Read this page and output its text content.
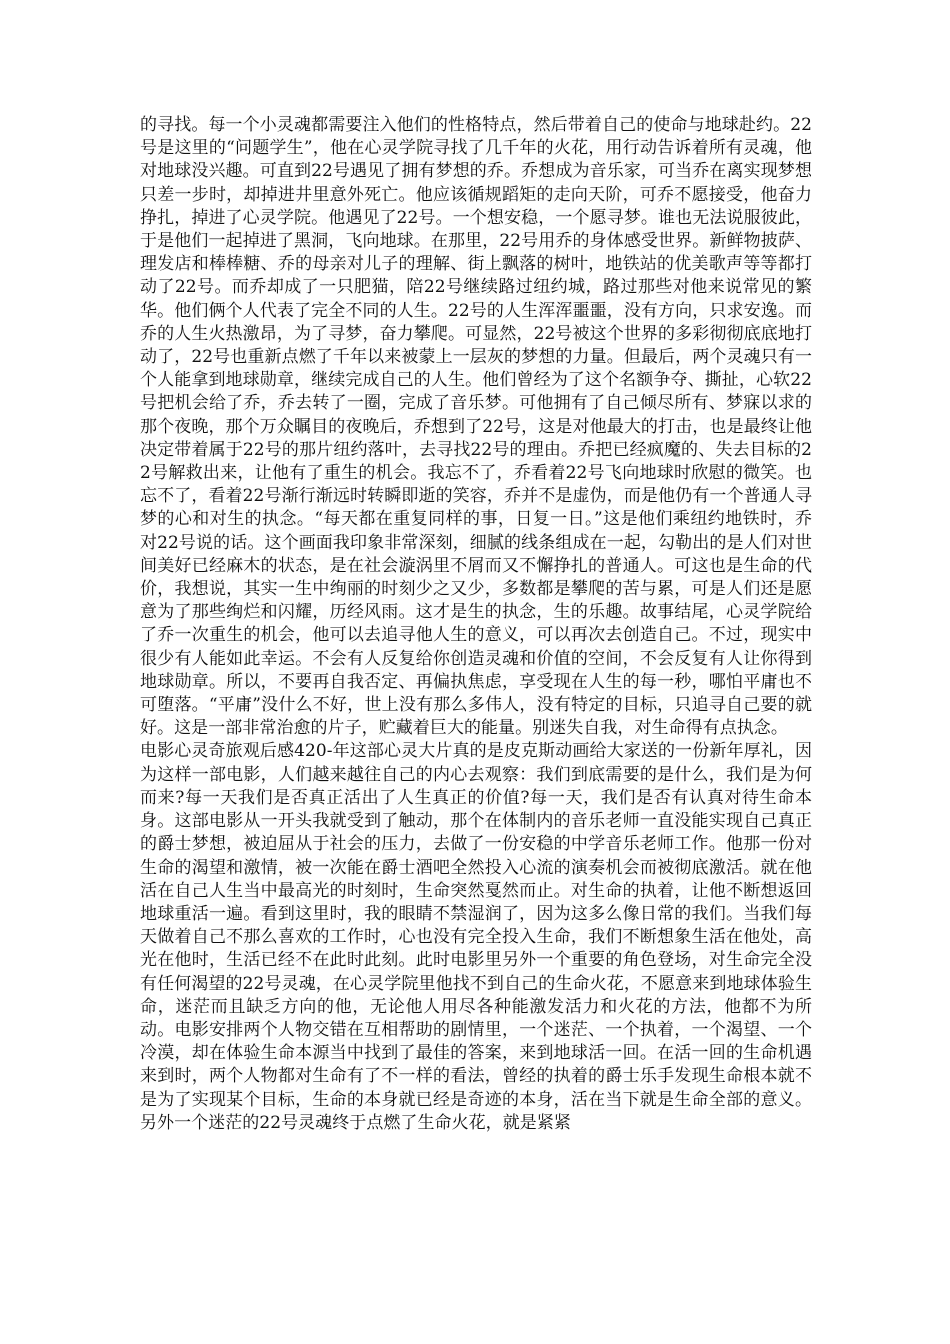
的寻找。每一个小灵魂都需要注入他们的性格特点，然后带着自己的使命与地球赴约。22号是这里的“问题学生”，他在心灵学院寻找了几千年的火花，用行动告诉着所有灵魂，他对地球没兴趣。可直到22号遇见了拥有梦想的乔。乔想成为音乐家，可当乔在离实现梦想只差一步时，却掉进井里意外死亡。他应该循规蹈矩的走向天阶，可乔不愿接受，他奋力挣扎，掉进了心灵学院。他遇见了22号。一个想安稳，一个愿寻梦。谁也无法说服彼此，于是他们一起掉进了黑洞，飞向地球。在那里，22号用乔的身体感受世界。新鲜物披萨、理发店和棒棒糖、乔的母亲对儿子的理解、街上飘落的树叶，地铁站的优美歌声等等都打动了22号。而乔却成了一只肥猫，陪22号继续路过纽约城，路过那些对他来说常见的繁华。他们俩个人代表了完全不同的人生。22号的人生浑浑噩噩，没有方向，只求安逸。而乔的人生火热激昂，为了寻梦，奋力攀爬。可显然，22号被这个世界的多彩彻彻底底地打动了，22号也重新点燃了千年以来被蒙上一层灰的梦想的力量。但最后，两个灵魂只有一个人能拿到地球勋章，继续完成自己的人生。他们曾经为了这个名额争夺、撕扯，心软22号把机会给了乔，乔去转了一圈，完成了音乐梦。可他拥有了自己倾尽所有、梦寐以求的那个夜晚，那个万众瞩目的夜晚后，乔想到了22号，这是对他最大的打击，也是最终让他决定带着属于22号的那片纽约落叶，去寻找22号的理由。乔把已经疯魔的、失去目标的22号解救出来，让他有了重生的机会。我忘不了，乔看着22号飞向地球时欣慰的微笑。也忘不了，看着22号渐行渐远时转瞬即逝的笑容，乔并不是虚伪，而是他仍有一个普通人寻梦的心和对生的执念。“每天都在重复同样的事，日复一日。”这是他们乘纽约地铁时，乔对22号说的话。这个画面我印象非常深刻，细腻的线条组成在一起，勾勒出的是人们对世间美好已经麻木的状态，是在社会漩涡里不屑而又不懈挣扎的普通人。可这也是生命的代价，我想说，其实一生中绚丽的时刻少之又少，多数都是攀爬的苦与累，可是人们还是愿意为了那些绚烂和闪耀，历经风雨。这才是生的执念，生的乐趣。故事结尾，心灵学院给了乔一次重生的机会，他可以去追寻他人生的意义，可以再次去创造自己。不过，现实中很少有人能如此幸运。不会有人反复给你创造灵魂和价值的空间，不会反复有人让你得到地球勋章。所以，不要再自我否定、再偏执焦虑，享受现在人生的每一秒，哪怕平庸也不可堕落。“平庸”没什么不好，世上没有那么多伟人，没有特定的目标，只追寻自己要的就好。这是一部非常治愈的片子，贮藏着巨大的能量。别迷失自我，对生命得有点执念。

电影心灵奇旅观后感420-年这部心灵大片真的是皮克斯动画给大家送的一份新年厚礼，因为这样一部电影，人们越来越往自己的内心去观察：我们到底需要的是什么，我们是为何而来?每一天我们是否真正活出了人生真正的价值?每一天，我们是否有认真对待生命本身。这部电影从一开头我就受到了触动，那个在体制内的音乐老师一直没能实现自己真正的爵士梦想，被迫屈从于社会的压力，去做了一份安稳的中学音乐老师工作。他那一份对生命的渴望和激情，被一次能在爵士酒吧全然投入心流的演奏机会而被彻底激活。就在他活在自己人生当中最高光的时刻时，生命突然戛然而止。对生命的执着，让他不断想返回地球重活一遍。看到这里时，我的眼睛不禁湿润了，因为这多么像日常的我们。当我们每天做着自己不那么喜欢的工作时，心也没有完全投入生命，我们不断想象生活在他处，高光在他时，生活已经不在此时此刻。此时电影里另外一个重要的角色登场，对生命完全没有任何渴望的22号灵魂，在心灵学院里他找不到自己的生命火花，不愿意来到地球体验生命，迷茫而且缺乏方向的他，无论他人用尽各种能激发活力和火花的方法，他都不为所动。电影安排两个人物交错在互相帮助的剧情里，一个迷茫、一个执着，一个渴望、一个冷漠，却在体验生命本源当中找到了最佳的答案，来到地球活一回。在活一回的生命机遇来到时，两个人物都对生命有了不一样的看法，曾经的执着的爵士乐手发现生命根本就不是为了实现某个目标，生命的本身就已经是奇迹的本身，活在当下就是生命全部的意义。另外一个迷茫的22号灵魂终于点燃了生命火花，就是紧紧
